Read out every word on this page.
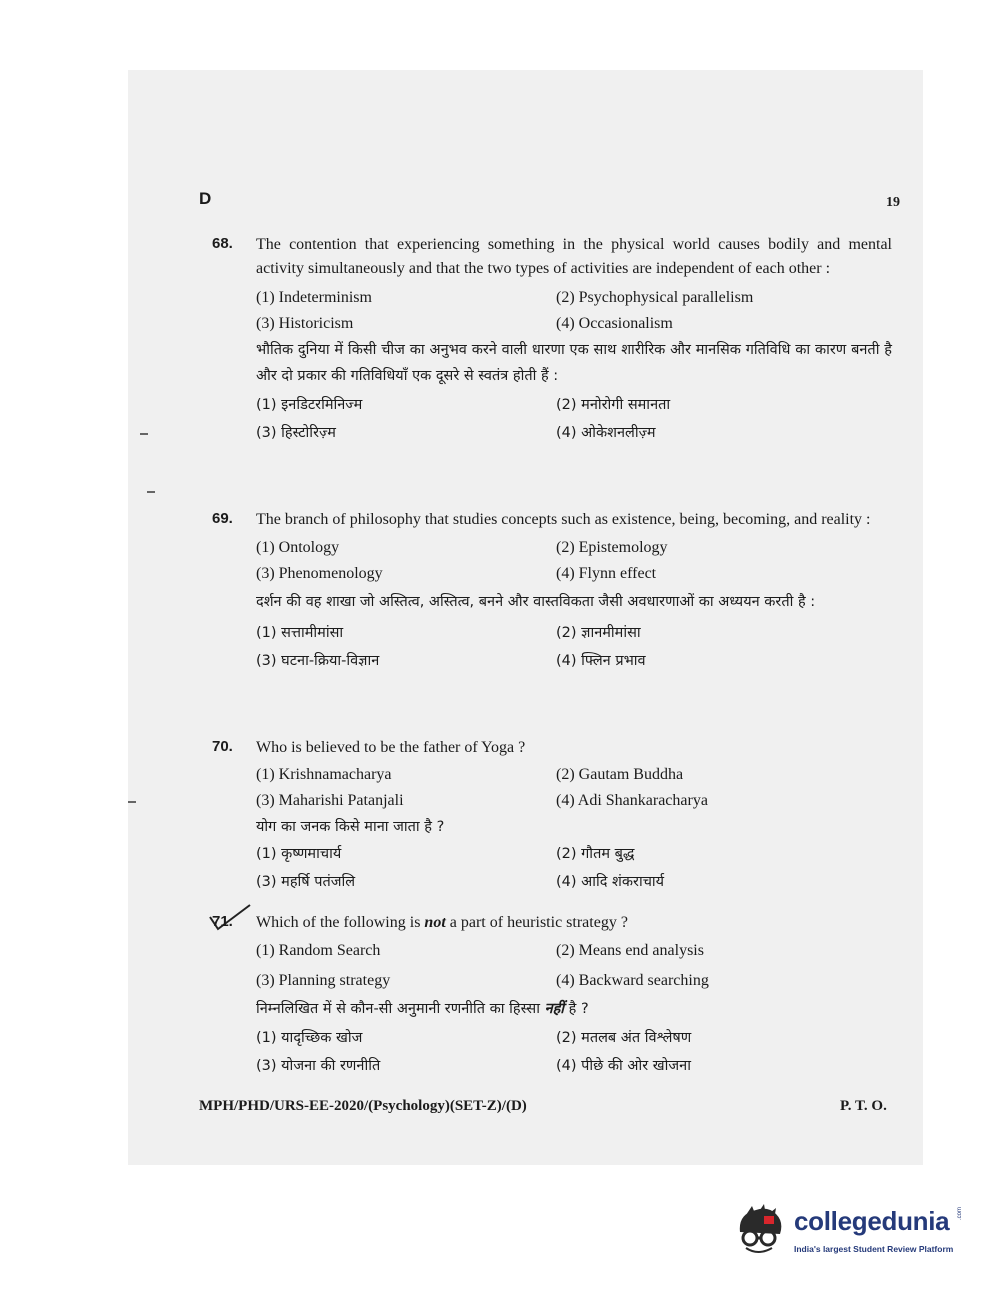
D	19
68.	The contention that experiencing something in the physical world causes bodily and mental activity simultaneously and that the two types of activities are independent of each other :

(1) Indeterminism	(2) Psychophysical parallelism
(3) Historicism	(4) Occasionalism

भौतिक दुनिया में किसी चीज का अनुभव करने वाली धारणा एक साथ शारीरिक और मानसिक गतिविधि का कारण बनती है और दो प्रकार की गतिविधियाँ एक दूसरे से स्वतंत्र होती हैं :

(1) इनडिटरमिनिज्म	(2) मनोरोगी समानता
(3) हिस्टोरिज़्म	(4) ओकेशनलीज़्म
69.	The branch of philosophy that studies concepts such as existence, being, becoming, and reality :

(1) Ontology	(2) Epistemology
(3) Phenomenology	(4) Flynn effect

दर्शन की वह शाखा जो अस्तित्व, अस्तित्व, बनने और वास्तविकता जैसी अवधारणाओं का अध्ययन करती है :

(1) सत्तामीमांसा	(2) ज्ञानमीमांसा
(3) घटना-क्रिया-विज्ञान	(4) फ्लिन प्रभाव
70.	Who is believed to be the father of Yoga ?

(1) Krishnamacharya	(2) Gautam Buddha
(3) Maharishi Patanjali	(4) Adi Shankaracharya

योग का जनक किसे माना जाता है ?

(1) कृष्णमाचार्य	(2) गौतम बुद्ध
(3) महर्षि पतंजलि	(4) आदि शंकराचार्य
71.	Which of the following is not a part of heuristic strategy ?

(1) Random Search	(2) Means end analysis
(3) Planning strategy	(4) Backward searching

निम्नलिखित में से कौन-सी अनुमानी रणनीति का हिस्सा नहीं है ?

(1) यादृच्छिक खोज	(2) मतलब अंत विश्लेषण
(3) योजना की रणनीति	(4) पीछे की ओर खोजना
MPH/PHD/URS-EE-2020/(Psychology)(SET-Z)/(D)	P. T. O.
collegedunia .com
India's largest Student Review Platform
